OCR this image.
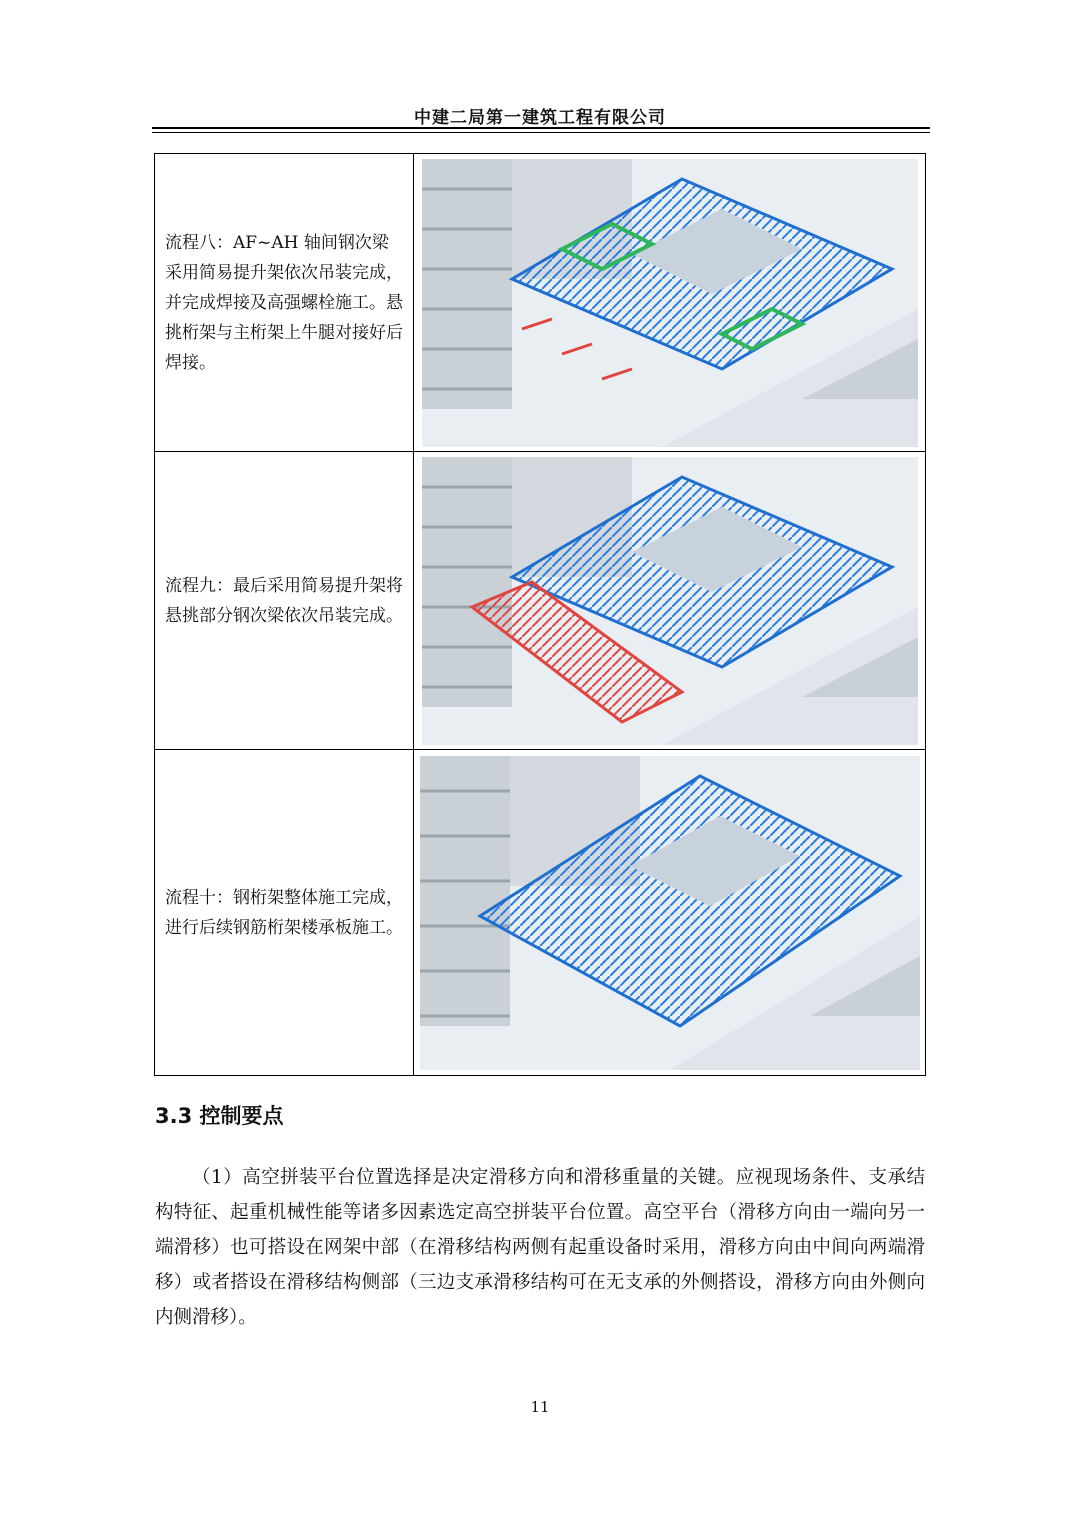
中建二局第一建筑工程有限公司
流程八：AF~AH 轴间钢次梁采用简易提升架依次吊装完成，并完成焊接及高强螺栓施工。悬挑桁架与主桁架上牛腿对接好后焊接。	

流程九：最后采用简易提升架将悬挑部分钢次梁依次吊装完成。	

流程十：钢桁架整体施工完成，进行后续钢筋桁架楼承板施工。	
3.3 控制要点
（1）高空拼装平台位置选择是决定滑移方向和滑移重量的关键。应视现场条件、支承结构特征、起重机械性能等诸多因素选定高空拼装平台位置。高空平台（滑移方向由一端向另一端滑移）也可搭设在网架中部（在滑移结构两侧有起重设备时采用，滑移方向由中间向两端滑移）或者搭设在滑移结构侧部（三边支承滑移结构可在无支承的外侧搭设，滑移方向由外侧向内侧滑移）。
11
